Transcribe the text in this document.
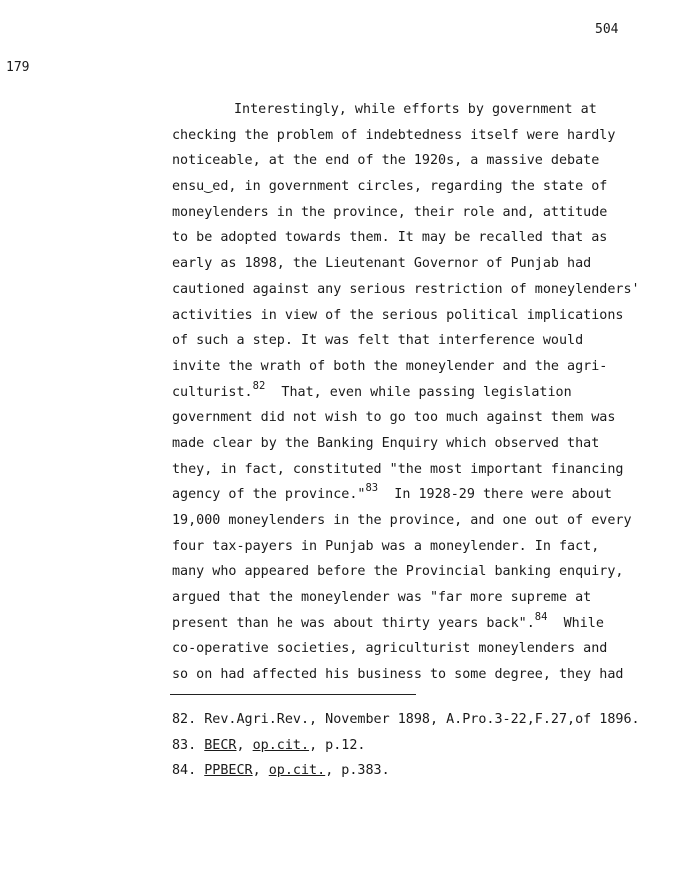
504
179
Interestingly, while efforts by government at
checking the problem of indebtedness itself were hardly
noticeable, at the end of the 1920s, a massive debate
ensu‿ed, in government circles, regarding the state of
moneylenders in the province, their role and, attitude
to be adopted towards them. It may be recalled that as
early as 1898, the Lieutenant Governor of Punjab had
cautioned against any serious restriction of moneylenders'
activities in view of the serious political implications
of such a step. It was felt that interference would
invite the wrath of both the moneylender and the agri-
culturist.$^{82}$  That, even while passing legislation
government did not wish to go too much against them was
made clear by the Banking Enquiry which observed that
they, in fact, constituted "the most important financing
agency of the province."$^{83}$  In 1928-29 there were about
19,000 moneylenders in the province, and one out of every
four tax-payers in Punjab was a moneylender. In fact,
many who appeared before the Provincial banking enquiry,
argued that the moneylender was "far more supreme at
present than he was about thirty years back".$^{84}$  While
co-operative societies, agriculturist moneylenders and
so on had affected his business to some degree, they had
82. Rev.Agri.Rev., November 1898, A.Pro.3-22,F.27,of 1896.
83. BECR, op.cit., p.12.
84. PPBECR, op.cit., p.383.
